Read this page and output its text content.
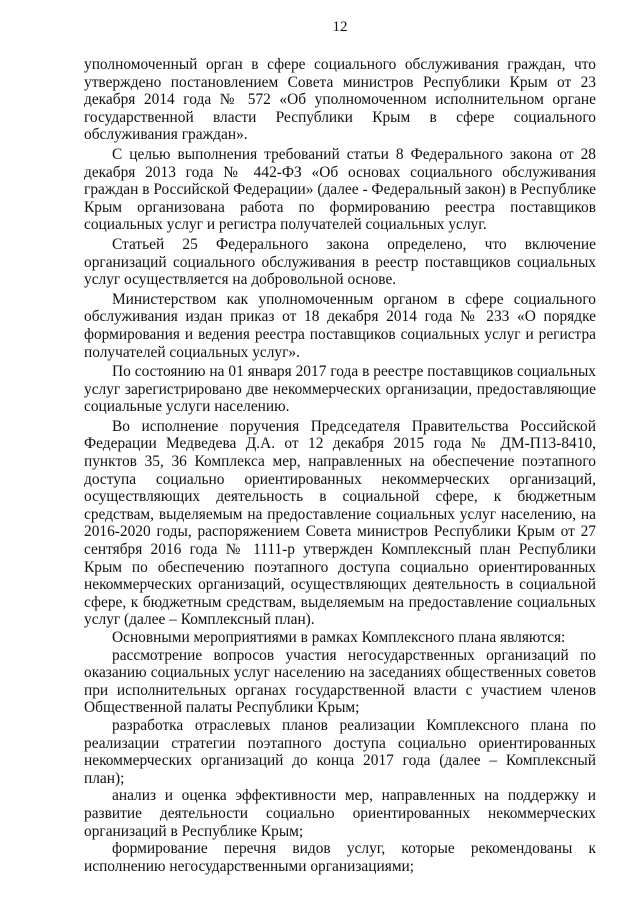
12

уполномоченный орган в сфере социального обслуживания граждан, что утверждено постановлением Совета министров Республики Крым от 23 декабря 2014 года № 572 «Об уполномоченном исполнительном органе государственной власти Республики Крым в сфере социального обслуживания граждан».

С целью выполнения требований статьи 8 Федерального закона от 28 декабря 2013 года № 442-ФЗ «Об основах социального обслуживания граждан в Российской Федерации» (далее - Федеральный закон) в Республике Крым организована работа по формированию реестра поставщиков социальных услуг и регистра получателей социальных услуг.

Статьей 25 Федерального закона определено, что включение организаций социального обслуживания в реестр поставщиков социальных услуг осуществляется на добровольной основе.

Министерством как уполномоченным органом в сфере социального обслуживания издан приказ от 18 декабря 2014 года № 233 «О порядке формирования и ведения реестра поставщиков социальных услуг и регистра получателей социальных услуг».

По состоянию на 01 января 2017 года в реестре поставщиков социальных услуг зарегистрировано две некоммерческих организации, предоставляющие социальные услуги населению.

Во исполнение поручения Председателя Правительства Российской Федерации Медведева Д.А. от 12 декабря 2015 года № ДМ-П13-8410, пунктов 35, 36 Комплекса мер, направленных на обеспечение поэтапного доступа социально ориентированных некоммерческих организаций, осуществляющих деятельность в социальной сфере, к бюджетным средствам, выделяемым на предоставление социальных услуг населению, на 2016-2020 годы, распоряжением Совета министров Республики Крым от 27 сентября 2016 года № 1111-р утвержден Комплексный план Республики Крым по обеспечению поэтапного доступа социально ориентированных некоммерческих организаций, осуществляющих деятельность в социальной сфере, к бюджетным средствам, выделяемым на предоставление социальных услуг (далее – Комплексный план).

Основными мероприятиями в рамках Комплексного плана являются:

рассмотрение вопросов участия негосударственных организаций по оказанию социальных услуг населению на заседаниях общественных советов при исполнительных органах государственной власти с участием членов Общественной палаты Республики Крым;

разработка отраслевых планов реализации Комплексного плана по реализации стратегии поэтапного доступа социально ориентированных некоммерческих организаций до конца 2017 года (далее – Комплексный план);

анализ и оценка эффективности мер, направленных на поддержку и развитие деятельности социально ориентированных некоммерческих организаций в Республике Крым;

формирование перечня видов услуг, которые рекомендованы к исполнению негосударственными организациями;
